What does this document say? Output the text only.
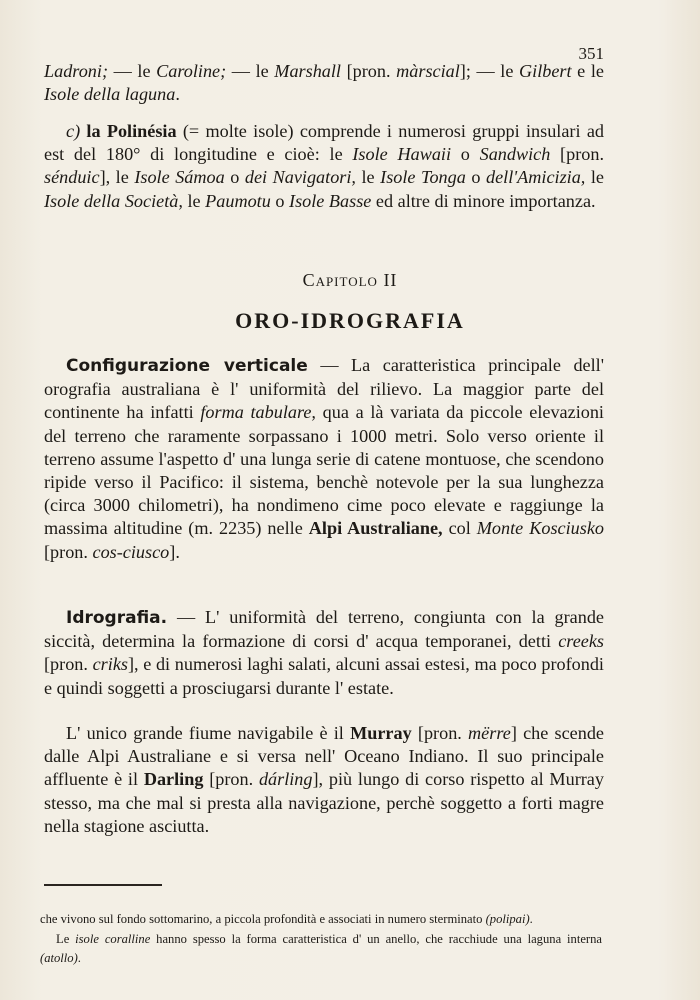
351

Ladroni; — le Caroline; — le Marshall [pron. màrscial]; — le Gilbert e le Isole della laguna.

c) la Polinésia (= molte isole) comprende i numerosi gruppi insulari ad est del 180° di longitudine e cioè: le Isole Hawaii o Sandwich [pron. sénduic], le Isole Sámoa o dei Navigatori, le Isole Tonga o dell'Amicizia, le Isole della Società, le Paumotu o Isole Basse ed altre di minore importanza.

Capitolo II
ORO-IDROGRAFIA

Configurazione verticale — La caratteristica principale dell' orografia australiana è l' uniformità del rilievo. La maggior parte del continente ha infatti forma tabulare, qua a là variata da piccole elevazioni del terreno che raramente sorpassano i 1000 metri. Solo verso oriente il terreno assume l'aspetto d' una lunga serie di catene montuose, che scendono ripide verso il Pacifico: il sistema, benchè notevole per la sua lunghezza (circa 3000 chilometri), ha nondimeno cime poco elevate e raggiunge la massima altitudine (m. 2235) nelle Alpi Australiane, col Monte Kosciusko [pron. cos-ciusco].

Idrografia. — L' uniformità del terreno, congiunta con la grande siccità, determina la formazione di corsi d' acqua temporanei, detti creeks [pron. criks], e di numerosi laghi salati, alcuni assai estesi, ma poco profondi e quindi soggetti a prosciugarsi durante l' estate.

L' unico grande fiume navigabile è il Murray [pron. mërre] che scende dalle Alpi Australiane e si versa nell' Oceano Indiano. Il suo principale affluente è il Darling [pron. dárling], più lungo di corso rispetto al Murray stesso, ma che mal si presta alla navigazione, perchè soggetto a forti magre nella stagione asciutta.

che vivono sul fondo sottomarino, a piccola profondità e associati in numero sterminato (polipai).

Le isole coralline hanno spesso la forma caratteristica d' un anello, che racchiude una laguna interna (atollo).
